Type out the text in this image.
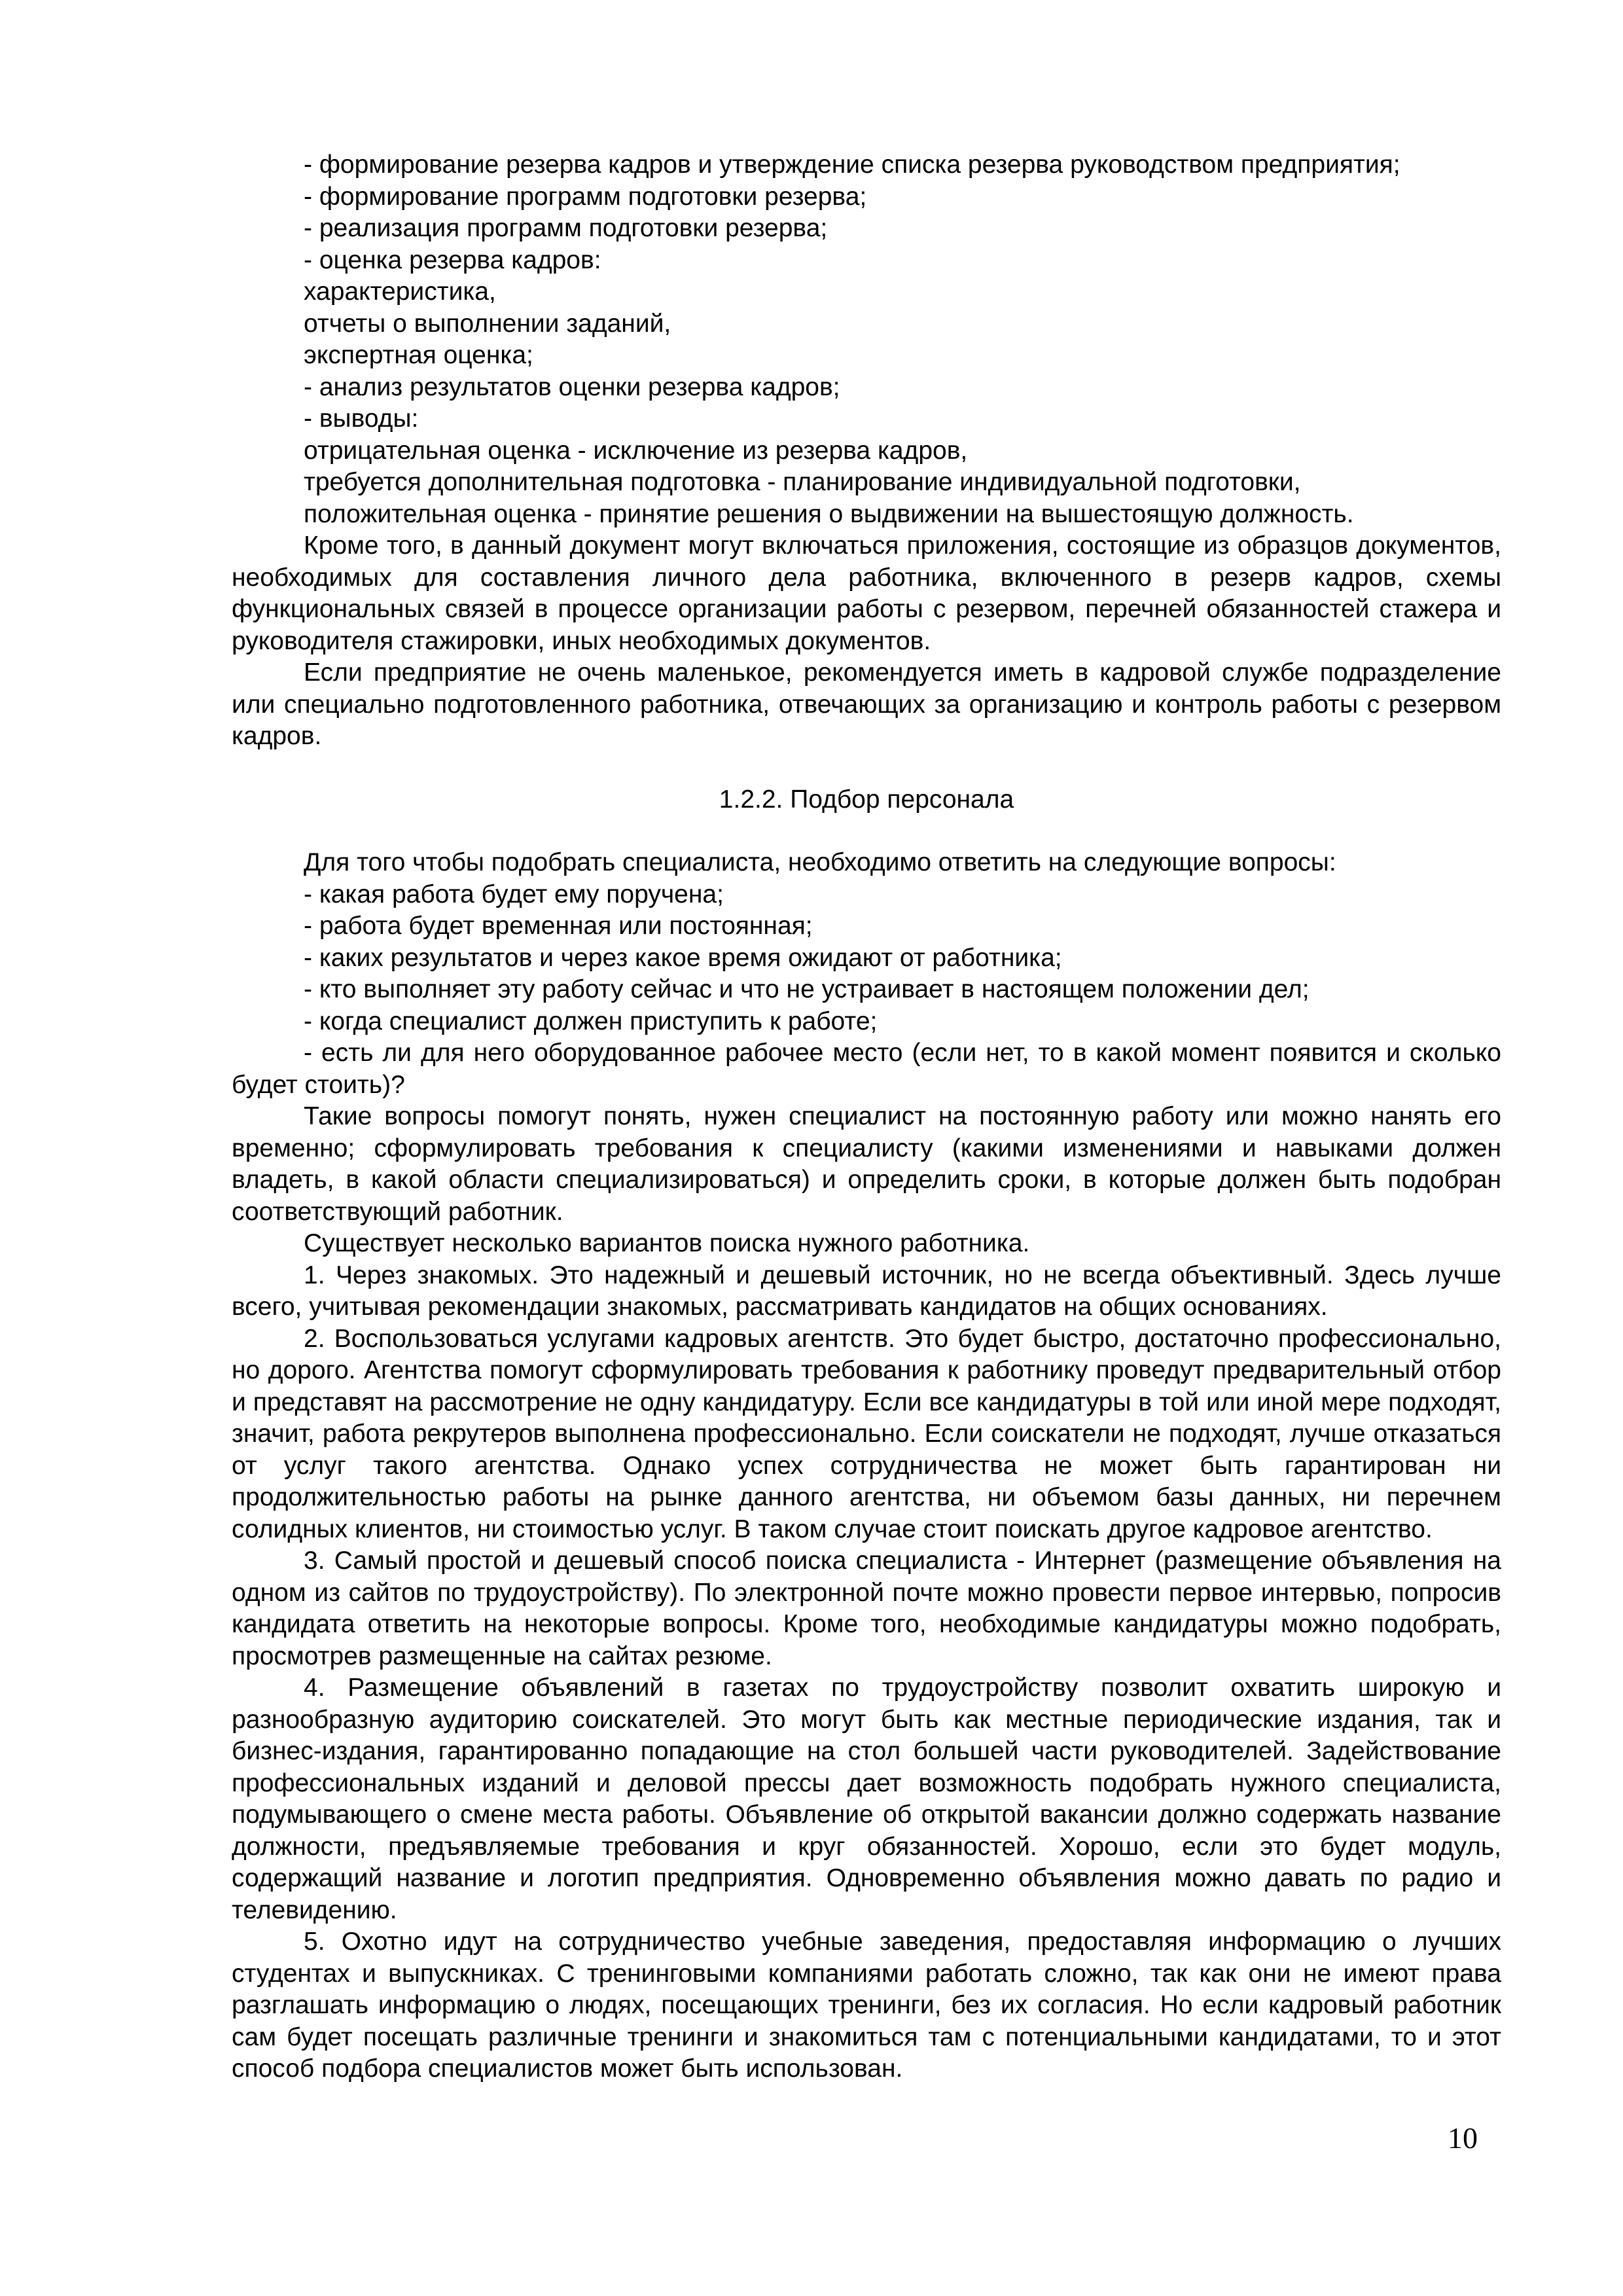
- формирование резерва кадров и утверждение списка резерва руководством предприятия;

- формирование программ подготовки резерва;

- реализация программ подготовки резерва;

- оценка резерва кадров:

характеристика,

отчеты о выполнении заданий,

экспертная оценка;

- анализ результатов оценки резерва кадров;

- выводы:

отрицательная оценка - исключение из резерва кадров,

требуется дополнительная подготовка - планирование индивидуальной подготовки,

положительная оценка - принятие решения о выдвижении на вышестоящую должность.

Кроме того, в данный документ могут включаться приложения, состоящие из образцов документов, необходимых для составления личного дела работника, включенного в резерв кадров, схемы функциональных связей в процессе организации работы с резервом, перечней обязанностей стажера и руководителя стажировки, иных необходимых документов.

Если предприятие не очень маленькое, рекомендуется иметь в кадровой службе подразделение или специально подготовленного работника, отвечающих за организацию и контроль работы с резервом кадров.

1.2.2. Подбор персонала

Для того чтобы подобрать специалиста, необходимо ответить на следующие вопросы:

- какая работа будет ему поручена;

- работа будет временная или постоянная;

- каких результатов и через какое время ожидают от работника;

- кто выполняет эту работу сейчас и что не устраивает в настоящем положении дел;

- когда специалист должен приступить к работе;

- есть ли для него оборудованное рабочее место (если нет, то в какой момент появится и сколько будет стоить)?

Такие вопросы помогут понять, нужен специалист на постоянную работу или можно нанять его временно; сформулировать требования к специалисту (какими изменениями и навыками должен владеть, в какой области специализироваться) и определить сроки, в которые должен быть подобран соответствующий работник.

Существует несколько вариантов поиска нужного работника.

1. Через знакомых. Это надежный и дешевый источник, но не всегда объективный. Здесь лучше всего, учитывая рекомендации знакомых, рассматривать кандидатов на общих основаниях.

2. Воспользоваться услугами кадровых агентств. Это будет быстро, достаточно профессионально, но дорого. Агентства помогут сформулировать требования к работнику проведут предварительный отбор и представят на рассмотрение не одну кандидатуру. Если все кандидатуры в той или иной мере подходят, значит, работа рекрутеров выполнена профессионально. Если соискатели не подходят, лучше отказаться от услуг такого агентства. Однако успех сотрудничества не может быть гарантирован ни продолжительностью работы на рынке данного агентства, ни объемом базы данных, ни перечнем солидных клиентов, ни стоимостью услуг. В таком случае стоит поискать другое кадровое агентство.

3. Самый простой и дешевый способ поиска специалиста - Интернет (размещение объявления на одном из сайтов по трудоустройству). По электронной почте можно провести первое интервью, попросив кандидата ответить на некоторые вопросы. Кроме того, необходимые кандидатуры можно подобрать, просмотрев размещенные на сайтах резюме.

4. Размещение объявлений в газетах по трудоустройству позволит охватить широкую и разнообразную аудиторию соискателей. Это могут быть как местные периодические издания, так и бизнес-издания, гарантированно попадающие на стол большей части руководителей. Задействование профессиональных изданий и деловой прессы дает возможность подобрать нужного специалиста, подумывающего о смене места работы. Объявление об открытой вакансии должно содержать название должности, предъявляемые требования и круг обязанностей. Хорошо, если это будет модуль, содержащий название и логотип предприятия. Одновременно объявления можно давать по радио и телевидению.

5. Охотно идут на сотрудничество учебные заведения, предоставляя информацию о лучших студентах и выпускниках. С тренинговыми компаниями работать сложно, так как они не имеют права разглашать информацию о людях, посещающих тренинги, без их согласия. Но если кадровый работник сам будет посещать различные тренинги и знакомиться там с потенциальными кандидатами, то и этот способ подбора специалистов может быть использован.

10
